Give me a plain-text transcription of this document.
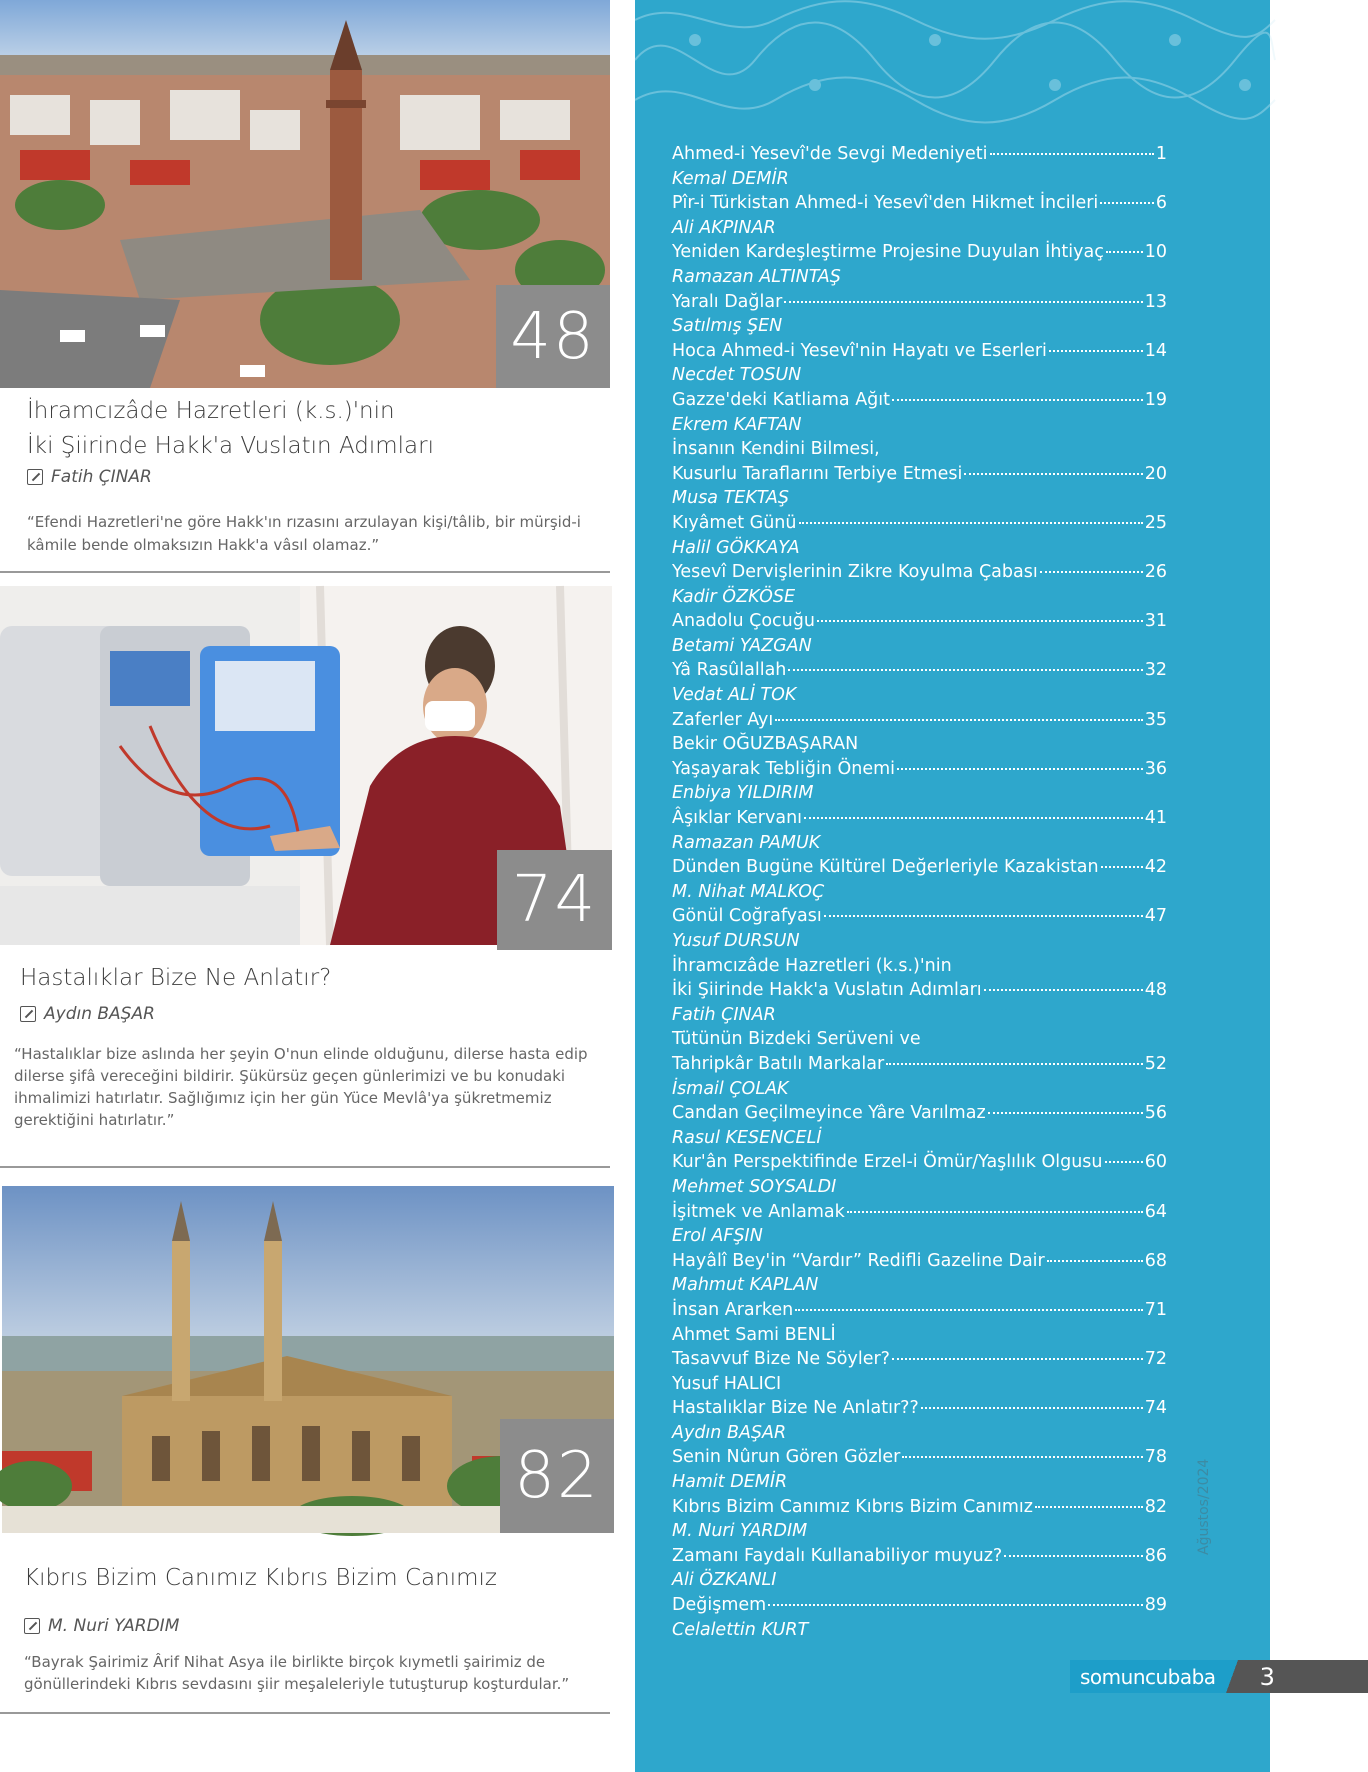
48
İhramcızâde Hazretleri (k.s.)'nin
İki Şiirinde Hakk'a Vuslatın Adımları
Fatih ÇINAR
“Efendi Hazretleri'ne göre Hakk'ın rızasını arzulayan kişi/tâlib, bir mürşid-i
kâmile bende olmaksızın Hakk'a vâsıl olamaz.”
74
Hastalıklar Bize Ne Anlatır?
Aydın BAŞAR
“Hastalıklar bize aslında her şeyin O'nun elinde olduğunu, dilerse hasta edip
dilerse şifâ vereceğini bildirir. Şükürsüz geçen günlerimizi ve bu konudaki
ihmalimizi hatırlatır. Sağlığımız için her gün Yüce Mevlâ'ya şükretmemiz
gerektiğini hatırlatır.”
82
Kıbrıs Bizim Canımız Kıbrıs Bizim Canımız
M. Nuri YARDIM
“Bayrak Şairimiz Ârif Nihat Asya ile birlikte birçok kıymetli şairimiz de
gönüllerindeki Kıbrıs sevdasını şiir meşaleleriyle tutuşturup koşturdular.”
Ahmed-i Yesevî'de Sevgi Medeniyeti	1
Kemal DEMİR
Pîr-i Türkistan Ahmed-i Yesevî'den Hikmet İncileri	6
Ali AKPINAR
Yeniden Kardeşleştirme Projesine Duyulan İhtiyaç 10
Ramazan ALTINTAŞ
Yaralı Dağlar	13
Satılmış ŞEN
Hoca Ahmed-i Yesevî'nin Hayatı ve Eserleri	14
Necdet TOSUN
Gazze'deki Katliama Ağıt	19
Ekrem KAFTAN
İnsanın Kendini Bilmesi,
Kusurlu Taraflarını Terbiye Etmesi	20
Musa TEKTAŞ
Kıyâmet Günü	25
Halil GÖKKAYA
Yesevî Dervişlerinin Zikre Koyulma Çabası	26
Kadir ÖZKÖSE
Anadolu Çocuğu	31
Betami YAZGAN
Yâ Rasûlallah	32
Vedat ALİ TOK
Zaferler Ayı	35
Bekir OĞUZBAŞARAN
Yaşayarak Tebliğin Önemi	36
Enbiya YILDIRIM
Âşıklar Kervanı	41
Ramazan PAMUK
Dünden Bugüne Kültürel Değerleriyle Kazakistan	42
M. Nihat MALKOÇ
Gönül Coğrafyası	47
Yusuf DURSUN
İhramcızâde Hazretleri (k.s.)'nin
İki Şiirinde Hakk'a Vuslatın Adımları	48
Fatih ÇINAR
Tütünün Bizdeki Serüveni ve
Tahripkâr Batılı Markalar	52
İsmail ÇOLAK
Candan Geçilmeyince Yâre Varılmaz	56
Rasul KESENCELİ
Kur'ân Perspektifinde Erzel-i Ömür/Yaşlılık Olgusu 60
Mehmet SOYSALDI
İşitmek ve Anlamak	64
Erol AFŞIN
Hayâlî Bey'in “Vardır” Redifli Gazeline Dair	68
Mahmut KAPLAN
İnsan Ararken	71
Ahmet Sami BENLİ
Tasavvuf Bize Ne Söyler?	72
Yusuf HALICI
Hastalıklar Bize Ne Anlatır??	74
Aydın BAŞAR
Senin Nûrun Gören Gözler	78
Hamit DEMİR
Kıbrıs Bizim Canımız Kıbrıs Bizim Canımız	82
M. Nuri YARDIM
Zamanı Faydalı Kullanabiliyor muyuz?	86
Ali ÖZKANLI
Değişmem	89
Celalettin KURT
Ağustos/2024
somuncubaba	3
